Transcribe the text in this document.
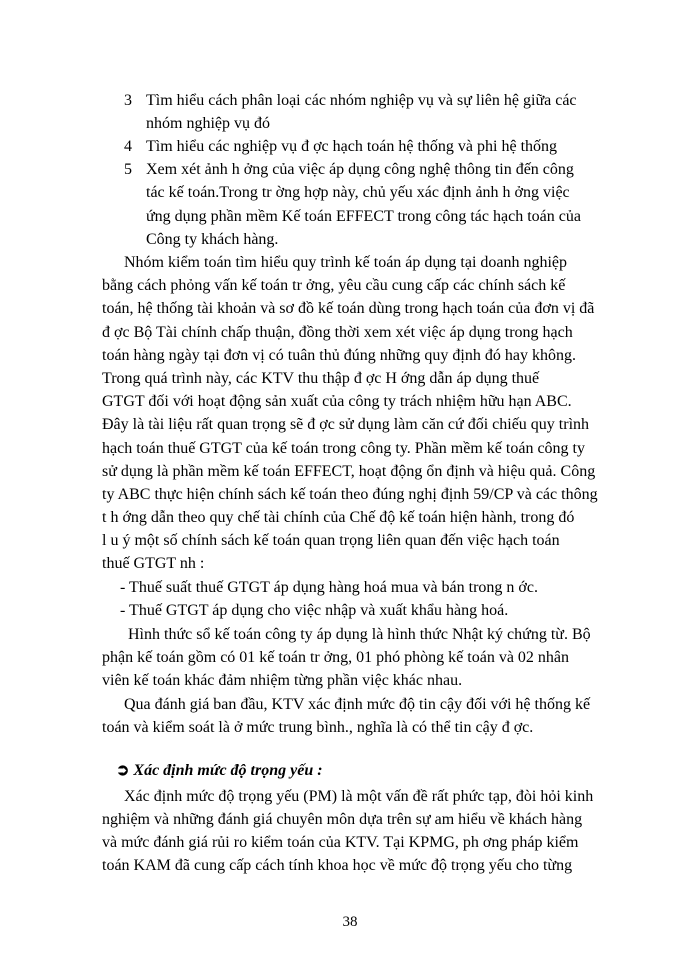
3 Tìm hiểu cách phân loại các nhóm nghiệp vụ và sự liên hệ giữa các
nhóm nghiệp vụ đó
4 Tìm hiểu các nghiệp vụ đ ợc hạch toán hệ thống và phi hệ thống
5 Xem xét ảnh h ởng của việc áp dụng công nghệ thông tin đến công
tác kế toán.Trong tr ờng hợp này, chủ yếu xác định ảnh h ởng việc
ứng dụng phần mềm Kế toán EFFECT trong công tác hạch toán của
Công ty khách hàng.
Nhóm kiểm toán tìm hiểu quy trình kế toán áp dụng tại doanh nghiệp
bằng cách phỏng vấn kế toán tr ởng, yêu cầu cung cấp các chính sách kế
toán, hệ thống tài khoản và sơ đồ kế toán dùng trong hạch toán của đơn vị đã
đ ợc Bộ Tài chính chấp thuận, đồng thời xem xét việc áp dụng trong hạch
toán hàng ngày tại đơn vị có tuân thủ đúng những quy định đó hay không.
Trong quá trình này, các KTV thu thập đ ợc H ớng dẫn áp dụng thuế
GTGT đối với hoạt động sản xuất của công ty trách nhiệm hữu hạn ABC.
Đây là tài liệu rất quan trọng sẽ đ ợc sử dụng làm căn cứ đối chiếu quy trình
hạch toán thuế GTGT của kế toán trong công ty. Phần mềm kế toán công ty
sử dụng là phần mềm kế toán EFFECT, hoạt động ổn định và hiệu quả. Công
ty ABC thực hiện chính sách kế toán theo đúng nghị định 59/CP và các thông
t h ớng dẫn theo quy chế tài chính của Chế độ kế toán hiện hành, trong đó
l u ý một số chính sách kế toán quan trọng liên quan đến việc hạch toán
thuế GTGT nh :
- Thuế suất thuế GTGT áp dụng hàng hoá mua và bán trong n ớc.
- Thuế GTGT áp dụng cho việc nhập và xuất khẩu hàng hoá.
Hình thức sổ kế toán công ty áp dụng là hình thức Nhật ký chứng từ. Bộ
phận kế toán gồm có 01 kế toán tr ởng, 01 phó phòng kế toán và 02 nhân
viên kế toán khác đảm nhiệm từng phần việc khác nhau.
Qua đánh giá ban đầu, KTV xác định mức độ tin cậy đối với hệ thống kế
toán và kiểm soát là ở mức trung bình., nghĩa là có thể tin cậy đ ợc.
➲ Xác định mức độ trọng yếu :
Xác định mức độ trọng yếu (PM) là một vấn đề rất phức tạp, đòi hỏi kinh
nghiệm và những đánh giá chuyên môn dựa trên sự am hiểu về khách hàng
và mức đánh giá rủi ro kiểm toán của KTV. Tại KPMG, ph ơng pháp kiểm
toán KAM đã cung cấp cách tính khoa học về mức độ trọng yếu cho từng
38
